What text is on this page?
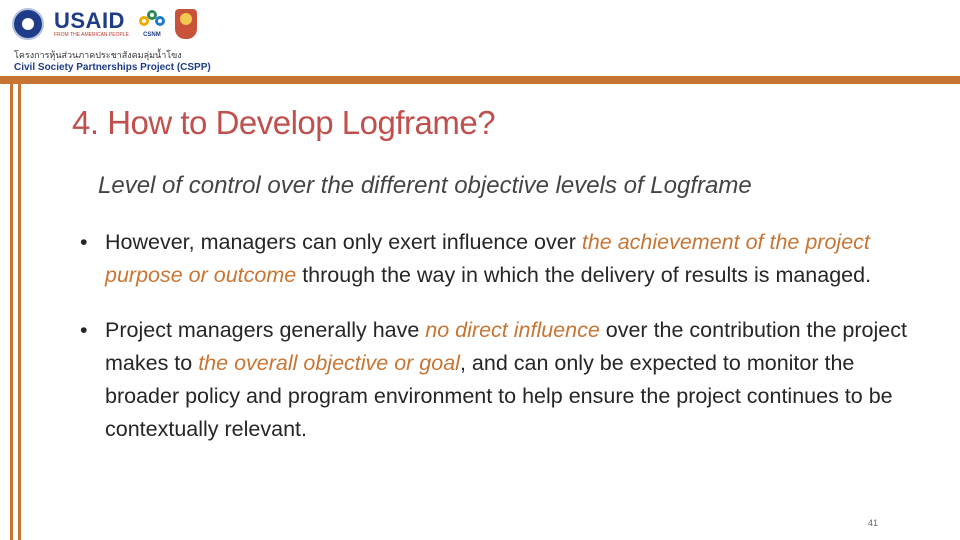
USAID
FROM THE AMERICAN PEOPLE CSNM
โครงการหุ้นส่วนภาคประชาสังคมลุ่มน้ำโขง
Civil Society Partnerships Project (CSPP)
4. How to Develop Logframe?
Level of control over the different objective levels of Logframe
• However, managers can only exert influence over the achievement of the project purpose or outcome through the way in which the delivery of results is managed.
• Project managers generally have no direct influence over the contribution the project makes to the overall objective or goal, and can only be expected to monitor the broader policy and program environment to help ensure the project continues to be contextually relevant.
41
